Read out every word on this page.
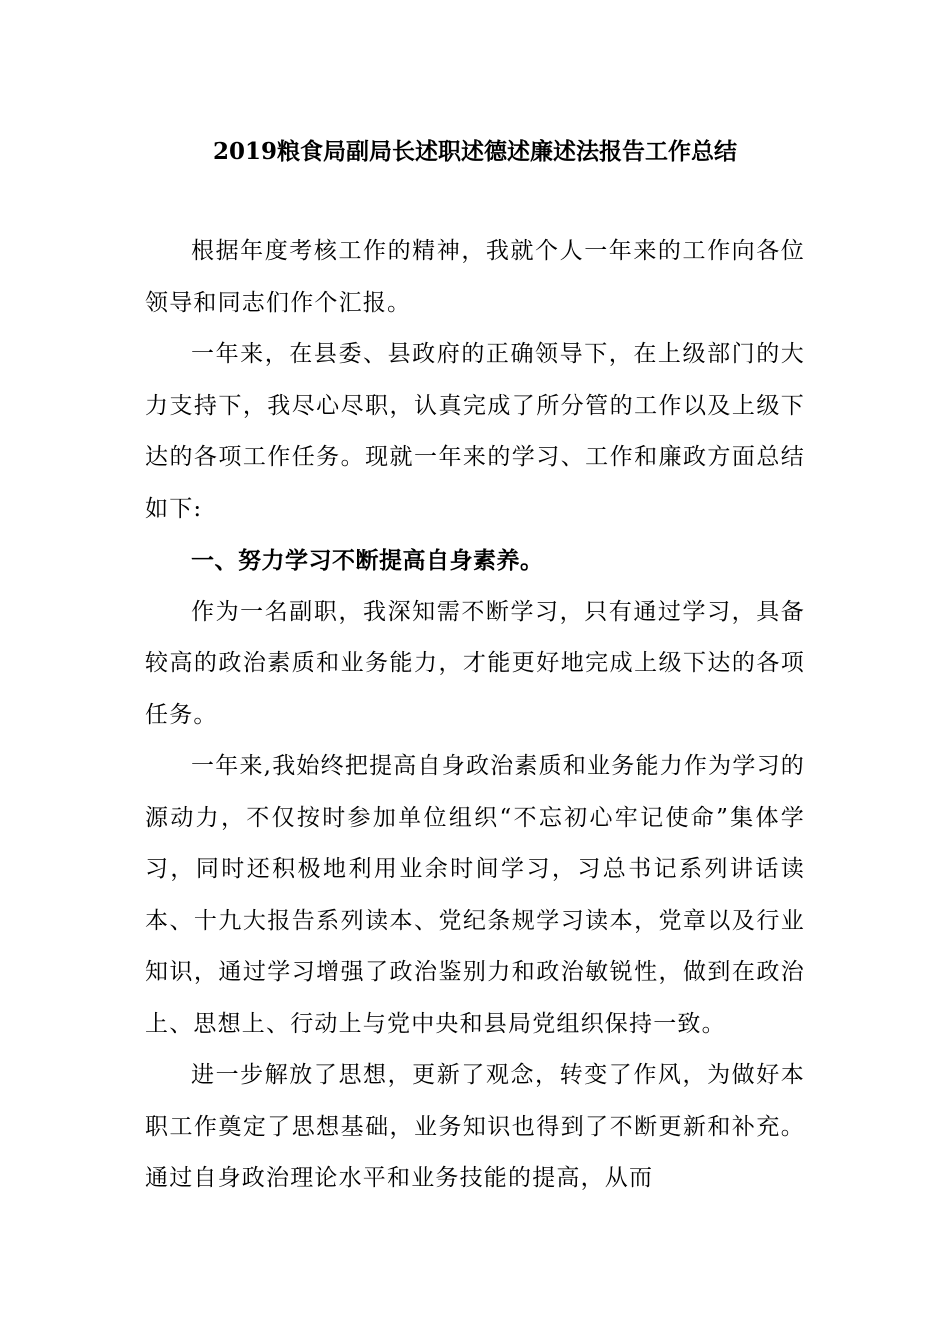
2019粮食局副局长述职述德述廉述法报告工作总结

根据年度考核工作的精神，我就个人一年来的工作向各位领导和同志们作个汇报。

一年来，在县委、县政府的正确领导下，在上级部门的大力支持下，我尽心尽职，认真完成了所分管的工作以及上级下达的各项工作任务。现就一年来的学习、工作和廉政方面总结如下:

一、努力学习不断提高自身素养。

作为一名副职，我深知需不断学习，只有通过学习，具备较高的政治素质和业务能力，才能更好地完成上级下达的各项任务。

一年来,我始终把提高自身政治素质和业务能力作为学习的源动力，不仅按时参加单位组织“不忘初心牢记使命”集体学习，同时还积极地利用业余时间学习，习总书记系列讲话读本、十九大报告系列读本、党纪条规学习读本，党章以及行业知识，通过学习增强了政治鉴别力和政治敏锐性，做到在政治上、思想上、行动上与党中央和县局党组织保持一致。

进一步解放了思想，更新了观念，转变了作风，为做好本职工作奠定了思想基础，业务知识也得到了不断更新和补充。通过自身政治理论水平和业务技能的提高，从而
